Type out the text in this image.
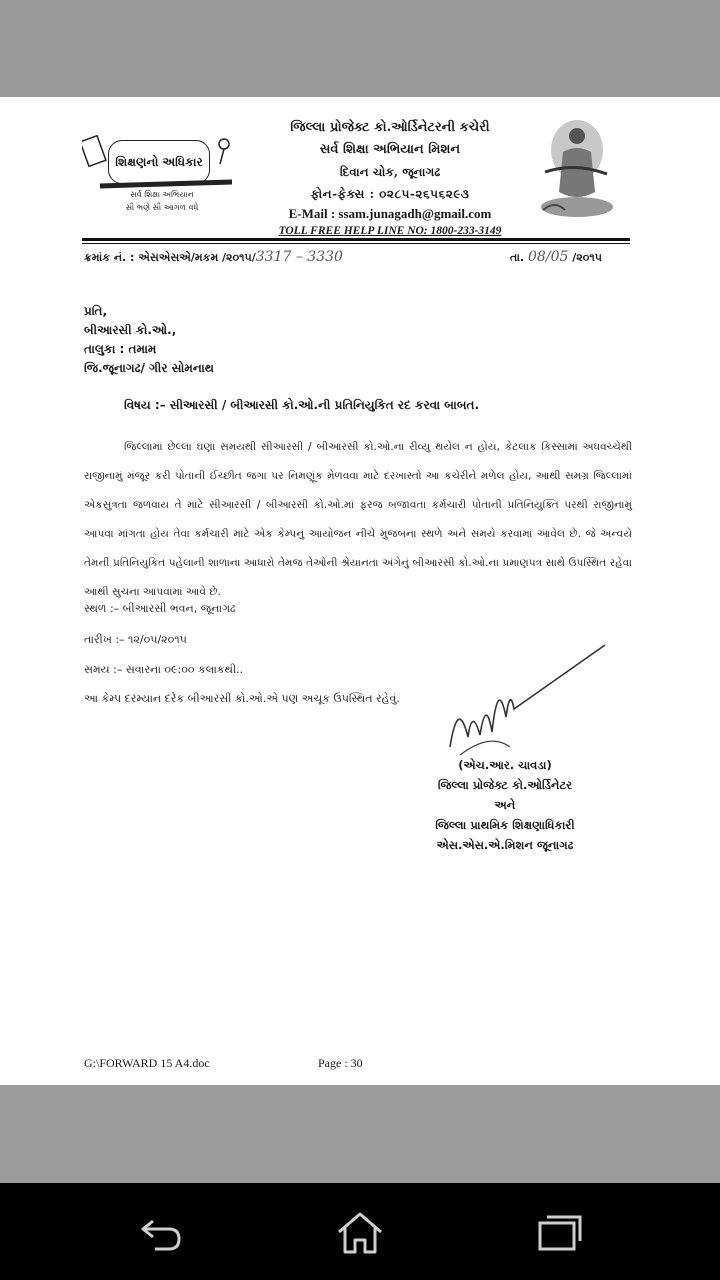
શિક્ષણનો અધિકાર
સર્વ શિક્ષા અભિયાન
સૌ ભણે સૌ આગળ વધે
જિલ્લા પ્રોજેક્ટ કો.ઓર્ડિનેટરની કચેરી
સર્વ શિક્ષા અભિયાન મિશન
દિવાન ચોક, જૂનાગઢ
ફોન-ફેક્સ : ૦૨૮૫-૨૬૫૬૨૯૩
E-Mail : ssam.junagadh@gmail.com
TOLL FREE HELP LINE NO: 1800-233-3149
ક્રમાંક નં. : એસએસએ/મકમ /૨૦૧૫/3317 – 3330	તા. 08/05 /૨૦૧૫
પ્રતિ,
બીઆરસી કો.ઓ.,
તાલુકા : તમામ
જિ.જૂનાગઢ/ ગીર સોમનાથ
વિષય :– સીઆરસી / બીઆરસી કો.ઓ.ની પ્રતિનિયુકિત રદ કરવા બાબત.
જિલ્લામાં છેલ્લા ઘણા સમયથી સીઆરસી / બીઆરસી કો.ઓ.ના રીવ્યુ થયેલ ન હોય, કેટલાક કિસ્સામાં અધવચ્ચેથી રાજીનામું મંજૂર કરી પોતાની ઈચ્છીત જગા પર નિમણૂંક મેળવવા માટે દરખાસ્તો આ કચેરીને મળેલ હોય, આથી સમગ્ર જિલ્લામાં એકસુત્રતા જળવાય તે માટે સીઆરસી / બીઆરસી કો.ઓ.માં ફરજ બજાવતા કર્મચારી પોતાની પ્રતિનિયુક્તિ પરથી રાજીનામું આપવા માંગતા હોય તેવા કર્મચારી માટે એક કેમ્પનું આયોજન નીચે મુજબના સ્થળે અને સમયે કરવામાં આવેલ છે. જે અન્વયે તેમની પ્રતિનિયુકિત પહેલાની શાળાના આધારો તેમજ તેઓની શ્રેયાનતા અંગેનું બીઆરસી કો.ઓ.ના પ્રમાણપત્ર સાથે ઉપસ્થિત રહેવા આથી સુચના આપવામાં આવે છે.
સ્થળ :– બીઆરસી ભવન, જૂનાગઢ
તારીખ :– ૧૨/૦૫/૨૦૧૫
સમય :– સવારના ૦૯:૦૦ કલાકથી..
આ કેમ્પ દરમ્યાન દરેક બીઆરસી કો.ઓ.એ પણ અચૂક ઉપસ્થિત રહેવું.
(એચ.આર. ચાવડા)
જિલ્લા પ્રોજેક્ટ કો.ઓર્ડિનેટર
અને
જિલ્લા પ્રાથમિક શિક્ષણાધિકારી
એસ.એસ.એ.મિશન જૂનાગઢ
G:\FORWARD 15 A4.doc	Page : 30
